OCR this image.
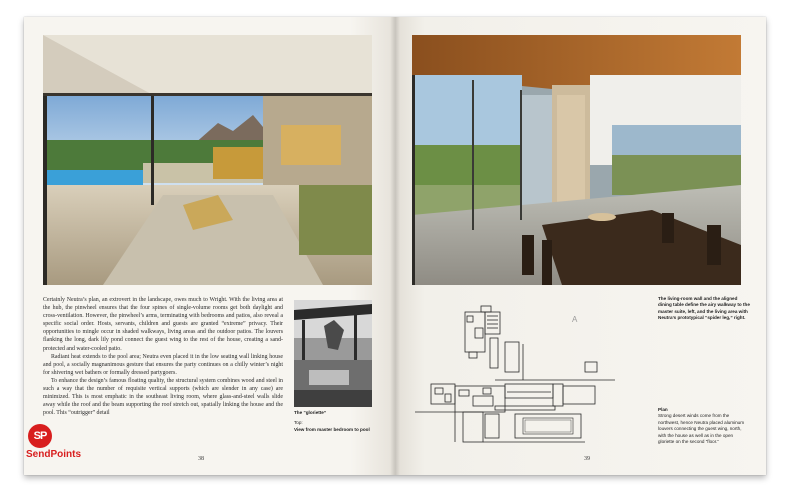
Certainly Neutra’s plan, an extrovert in the landscape, owes much to Wright. With the living area at the hub, the pinwheel ensures that the four spines of single-volume rooms get both daylight and cross-ventilation. However, the pinwheel’s arms, terminating with bedrooms and patios, also reveal a specific social order. Hosts, servants, children and guests are granted “extreme” privacy. Their opportunities to mingle occur in shaded walkways, living areas and the outdoor patios. The louvers flanking the long, dark lily pond connect the guest wing to the rest of the house, creating a sand-protected and water-cooled patio.

Radiant heat extends to the pool area; Neutra even placed it in the low seating wall linking house and pool, a socially magnanimous gesture that ensures the party continues on a chilly winter’s night for shivering wet bathers or formally dressed partygoers.

To enhance the design’s famous floating quality, the structural system combines wood and steel in such a way that the number of requisite vertical supports (which are slender in any case) are minimized. This is most emphatic in the southeast living room, where glass-and-steel walls slide away while the roof and the beam supporting the roof stretch out, spatially linking the house and the pool. This “outrigger” detail	The “gloriette”
Top:
View from master bedroom to pool
38
The living-room wall and the aligned dining table define the airy walkway to the master suite, left, and the living area with Neutra’s prototypical “spider leg,” right.
A
Plan
Strong desert winds come from the northwest, hence Neutra placed aluminum louvers connecting the guest wing, north, with the house as well as in the open gloriette on the second “floor.”
39
SP
SendPoints
